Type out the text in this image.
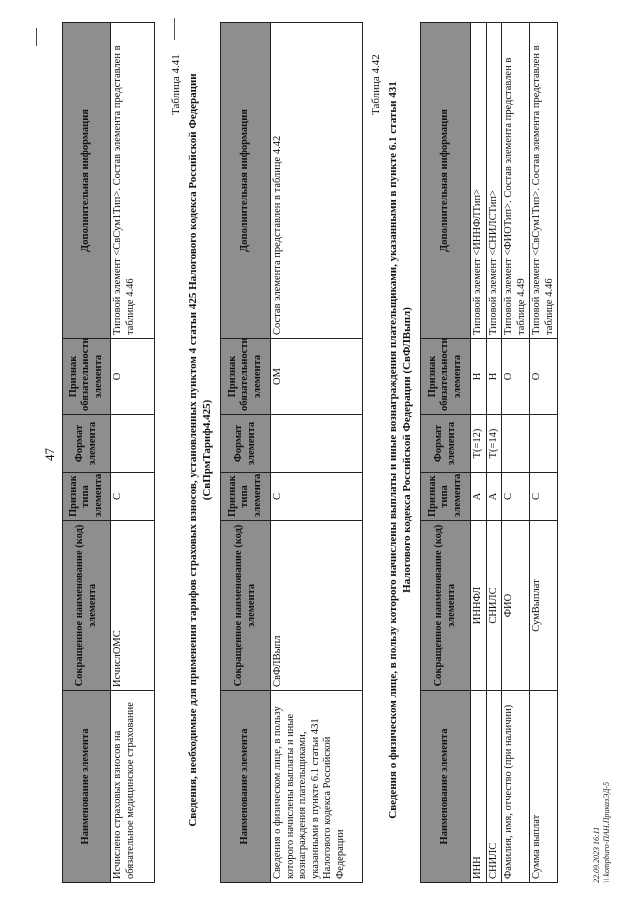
47
Наименование элемента	Сокращенное наименование (код) элемента	Признак типа элемента	Формат элемента	Признак обязательности элемента	Дополнительная информация
Исчислено страховых взносов на обязательное медицинское страхование	ИсчислОМС	С		О	Типовой элемент <СвСум1Тип>. Состав элемента представлен в таблице 4.46
Таблица 4.41 Сведения, необходимые для применения тарифов страховых взносов, установленных пунктом 4 статьи 425 Налогового кодекса Российской Федерации (СвПрмТариф4.425)
Наименование элемента	Сокращенное наименование (код) элемента	Признак типа элемента	Формат элемента	Признак обязательности элемента	Дополнительная информация
Сведения о физическом лице, в пользу которого начислены выплаты и иные вознаграждения плательщиками, указанными в пункте 6.1 статьи 431 Налогового кодекса Российской Федерации	СвФЛВыпл	С		ОМ	Состав элемента представлен в таблице 4.42
Таблица 4.42 Сведения о физическом лице, в пользу которого начислены выплаты и иные вознаграждения плательщиками, указанными в пункте 6.1 статьи 431 Налогового кодекса Российской Федерации (СвФЛВыпл)
Наименование элемента	Сокращенное наименование (код) элемента	Признак типа элемента	Формат элемента	Признак обязательности элемента	Дополнительная информация
ИНН	ИННФЛ	А	T(=12)	Н	Типовой элемент <ИННФЛТип>
СНИЛС	СНИЛС	А	T(=14)	Н	Типовой элемент <СНИЛСТип>
Фамилия, имя, отчество (при наличии)	ФИО	С		О	Типовой элемент <ФИОТип>. Состав элемента представлен в таблице 4.49
Сумма выплат	СумВыплат	С		О	Типовой элемент <СвСум1Тип>. Состав элемента представлен в таблице 4.46
22.09.2023 16:11 \\ kompburo-ПАН.ПриказЭД-5
